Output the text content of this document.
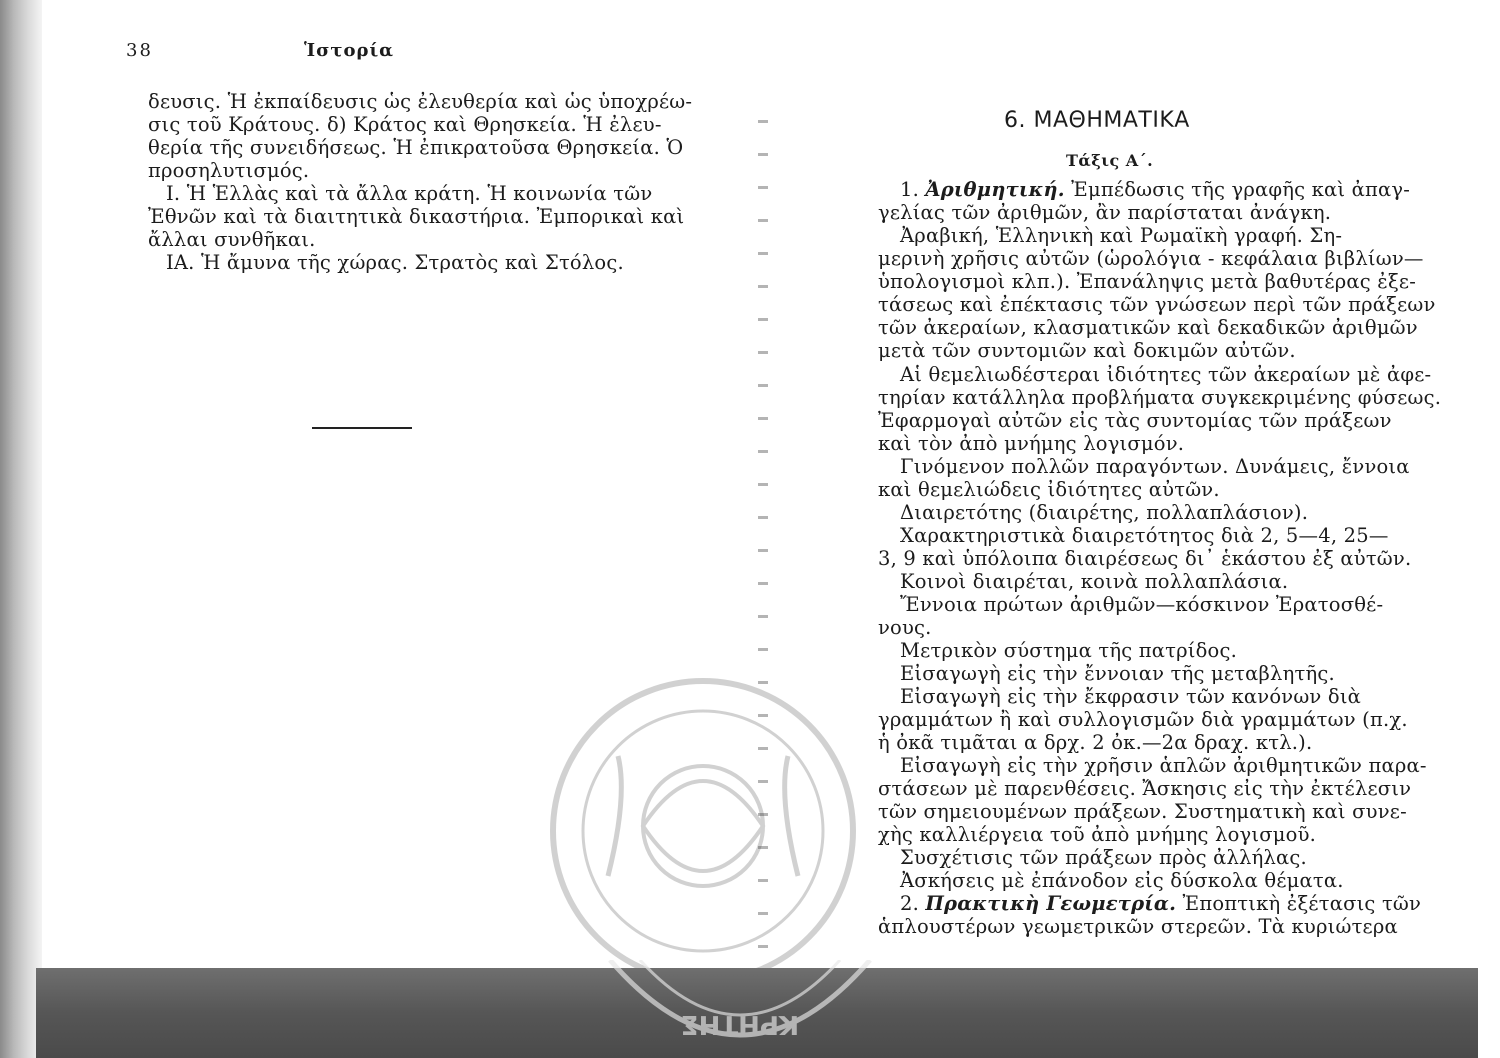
38	Ἱστορία
δευσις. Ἡ ἐκπαίδευσις ὡς ἐλευθερία καὶ ὡς ὑποχρέω-
σις τοῦ Κράτους. δ) Κράτος καὶ Θρησκεία. Ἡ ἐλευ-
θερία τῆς συνειδήσεως. Ἡ ἐπικρατοῦσα Θρησκεία. Ὁ
προσηλυτισμός.
I. Ἡ Ἑλλὰς καὶ τὰ ἄλλα κράτη. Ἡ κοινωνία τῶν
Ἐθνῶν καὶ τὰ διαιτητικὰ δικαστήρια. Ἐμπορικαὶ καὶ
ἄλλαι συνθῆκαι.
ΙΑ. Ἡ ἄμυνα τῆς χώρας. Στρατὸς καὶ Στόλος.
6. ΜΑΘΗΜΑΤΙΚΑ
Τάξις Α΄.
1. Ἀριθμητική. Ἐμπέδωσις τῆς γραφῆς καὶ ἀπαγ-
γελίας τῶν ἀριθμῶν, ἂν παρίσταται ἀνάγκη.
Ἀραβική, Ἑλληνικὴ καὶ Ρωμαϊκὴ γραφή. Ση-
μερινὴ χρῆσις αὐτῶν (ὡρολόγια - κεφάλαια βιβλίων—
ὑπολογισμοὶ κλπ.). Ἐπανάληψις μετὰ βαθυτέρας ἐξε-
τάσεως καὶ ἐπέκτασις τῶν γνώσεων περὶ τῶν πράξεων
τῶν ἀκεραίων, κλασματικῶν καὶ δεκαδικῶν ἀριθμῶν
μετὰ τῶν συντομιῶν καὶ δοκιμῶν αὐτῶν.
Αἱ θεμελιωδέστεραι ἰδιότητες τῶν ἀκεραίων μὲ ἀφε-
τηρίαν κατάλληλα προβλήματα συγκεκριμένης φύσεως.
Ἐφαρμογαὶ αὐτῶν εἰς τὰς συντομίας τῶν πράξεων
καὶ τὸν ἀπὸ μνήμης λογισμόν.
Γινόμενον πολλῶν παραγόντων. Δυνάμεις, ἔννοια
καὶ θεμελιώδεις ἰδιότητες αὐτῶν.
Διαιρετότης (διαιρέτης, πολλαπλάσιον).
Χαρακτηριστικὰ διαιρετότητος διὰ 2, 5—4, 25—
3, 9 καὶ ὑπόλοιπα διαιρέσεως δι᾿ ἑκάστου ἐξ αὐτῶν.
Κοινοὶ διαιρέται, κοινὰ πολλαπλάσια.
Ἔννοια πρώτων ἀριθμῶν—κόσκινον Ἐρατοσθέ-
νους.
Μετρικὸν σύστημα τῆς πατρίδος.
Εἰσαγωγὴ εἰς τὴν ἔννοιαν τῆς μεταβλητῆς.
Εἰσαγωγὴ εἰς τὴν ἔκφρασιν τῶν κανόνων διὰ
γραμμάτων ἢ καὶ συλλογισμῶν διὰ γραμμάτων (π.χ.
ἡ ὀκᾶ τιμᾶται α δρχ. 2 ὀκ.—2α δραχ. κτλ.).
Εἰσαγωγὴ εἰς τὴν χρῆσιν ἁπλῶν ἀριθμητικῶν παρα-
στάσεων μὲ παρενθέσεις. Ἄσκησις εἰς τὴν ἐκτέλεσιν
τῶν σημειουμένων πράξεων. Συστηματικὴ καὶ συνε-
χὴς καλλιέργεια τοῦ ἀπὸ μνήμης λογισμοῦ.
Συσχέτισις τῶν πράξεων πρὸς ἀλλήλας.
Ἀσκήσεις μὲ ἐπάνοδον εἰς δύσκολα θέματα.
2. Πρακτικὴ Γεωμετρία. Ἐποπτικὴ ἐξέτασις τῶν
ἁπλουστέρων γεωμετρικῶν στερεῶν. Τὰ κυριώτερα
ΚΡΗΤΗΣ
